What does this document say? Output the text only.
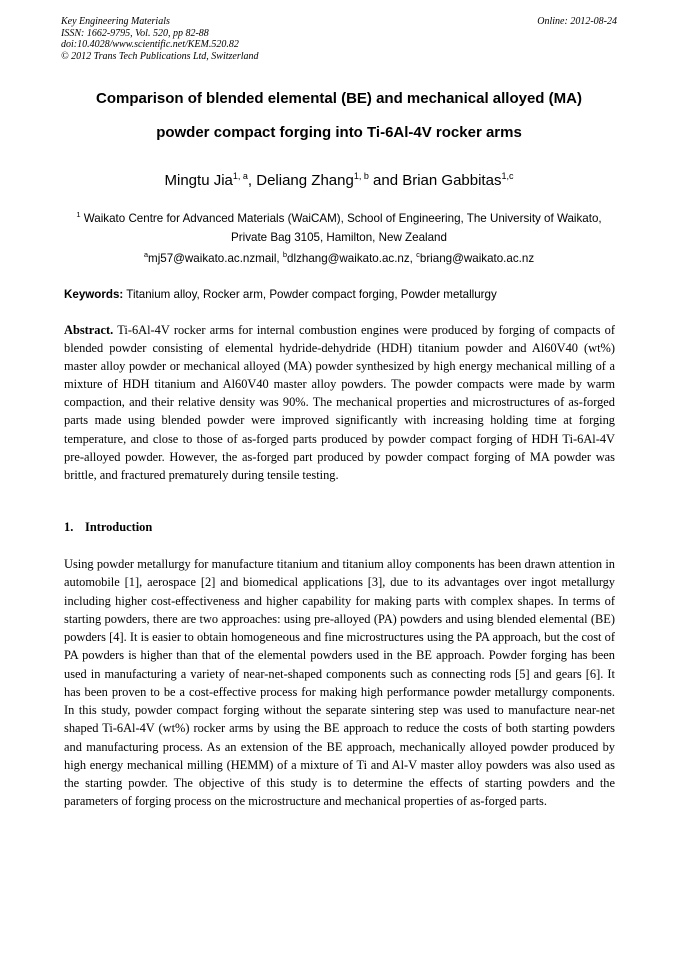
Key Engineering Materials
ISSN: 1662-9795, Vol. 520, pp 82-88
doi:10.4028/www.scientific.net/KEM.520.82
© 2012 Trans Tech Publications Ltd, Switzerland
Online: 2012-08-24
Comparison of blended elemental (BE) and mechanical alloyed (MA)
powder compact forging into Ti-6Al-4V rocker arms
Mingtu Jia$^{1, a}$, Deliang Zhang$^{1, b}$ and Brian Gabbitas$^{1,c}$
$^1$ Waikato Centre for Advanced Materials (WaiCAM), School of Engineering, The University of Waikato, Private Bag 3105, Hamilton, New Zealand
$^a$mj57@waikato.ac.nzmail, $^b$dlzhang@waikato.ac.nz, $^c$briang@waikato.ac.nz
Keywords: Titanium alloy, Rocker arm, Powder compact forging, Powder metallurgy
Abstract. Ti-6Al-4V rocker arms for internal combustion engines were produced by forging of compacts of blended powder consisting of elemental hydride-dehydride (HDH) titanium powder and Al60V40 (wt%) master alloy powder or mechanical alloyed (MA) powder synthesized by high energy mechanical milling of a mixture of HDH titanium and Al60V40 master alloy powders. The powder compacts were made by warm compaction, and their relative density was 90%. The mechanical properties and microstructures of as-forged parts made using blended powder were improved significantly with increasing holding time at forging temperature, and close to those of as-forged parts produced by powder compact forging of HDH Ti-6Al-4V pre-alloyed powder. However, the as-forged part produced by powder compact forging of MA powder was brittle, and fractured prematurely during tensile testing.
1. Introduction
Using powder metallurgy for manufacture titanium and titanium alloy components has been drawn attention in automobile [1], aerospace [2] and biomedical applications [3], due to its advantages over ingot metallurgy including higher cost-effectiveness and higher capability for making parts with complex shapes. In terms of starting powders, there are two approaches: using pre-alloyed (PA) powders and using blended elemental (BE) powders [4]. It is easier to obtain homogeneous and fine microstructures using the PA approach, but the cost of PA powders is higher than that of the elemental powders used in the BE approach. Powder forging has been used in manufacturing a variety of near-net-shaped components such as connecting rods [5] and gears [6]. It has been proven to be a cost-effective process for making high performance powder metallurgy components. In this study, powder compact forging without the separate sintering step was used to manufacture near-net shaped Ti-6Al-4V (wt%) rocker arms by using the BE approach to reduce the costs of both starting powders and manufacturing process. As an extension of the BE approach, mechanically alloyed powder produced by high energy mechanical milling (HEMM) of a mixture of Ti and Al-V master alloy powders was also used as the starting powder. The objective of this study is to determine the effects of starting powders and the parameters of forging process on the microstructure and mechanical properties of as-forged parts.
